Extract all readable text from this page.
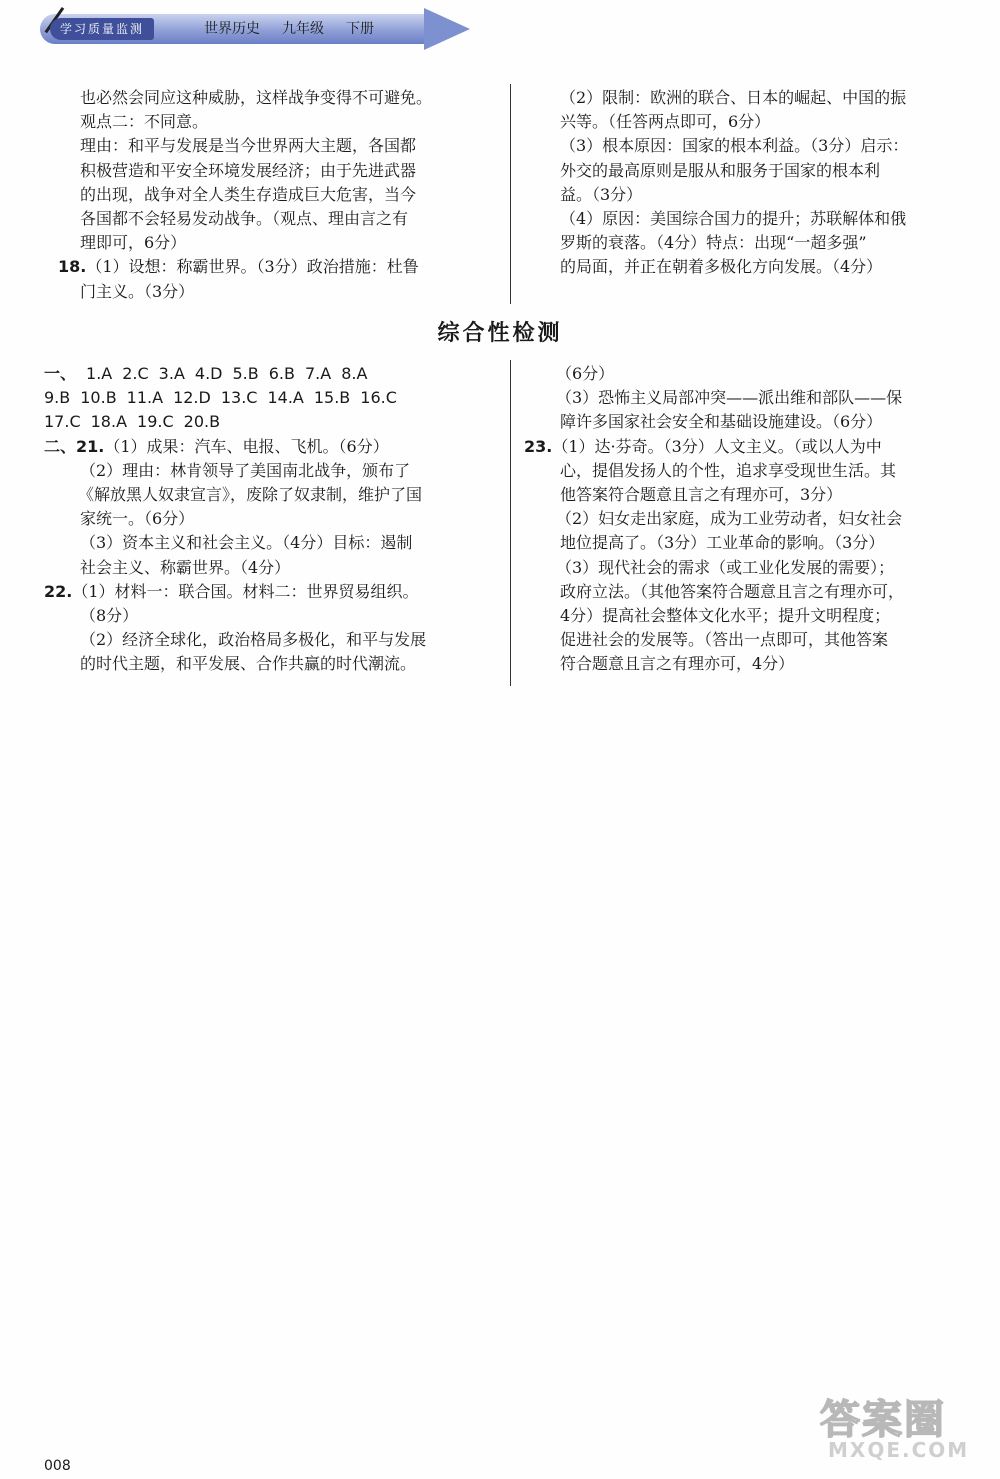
学习质量监测	世界历史 九年级 下册

也必然会同应这种威胁，这样战争变得不可避免。

观点二：不同意。

理由：和平与发展是当今世界两大主题，各国都

积极营造和平安全环境发展经济；由于先进武器

的出现，战争对全人类生存造成巨大危害，当今

各国都不会轻易发动战争。（观点、理由言之有

理即可，6分）

18.（1）设想：称霸世界。（3分）政治措施：杜鲁

门主义。（3分）

（2）限制：欧洲的联合、日本的崛起、中国的振

兴等。（任答两点即可，6分）

（3）根本原因：国家的根本利益。（3分）启示：

外交的最高原则是服从和服务于国家的根本利

益。（3分）

（4）原因：美国综合国力的提升；苏联解体和俄

罗斯的衰落。（4分）特点：出现“一超多强”

的局面，并正在朝着多极化方向发展。（4分）

综合性检测

一、 1.A 2.C 3.A 4.D 5.B 6.B 7.A 8.A

9.B 10.B 11.A 12.D 13.C 14.A 15.B 16.C

17.C 18.A 19.C 20.B

二、21.（1）成果：汽车、电报、飞机。（6分）

（2）理由：林肯领导了美国南北战争，颁布了

《解放黑人奴隶宣言》，废除了奴隶制，维护了国

家统一。（6分）

（3）资本主义和社会主义。（4分）目标：遏制

社会主义、称霸世界。（4分）

22.（1）材料一：联合国。材料二：世界贸易组织。

（8分）

（2）经济全球化，政治格局多极化，和平与发展

的时代主题，和平发展、合作共赢的时代潮流。

（6分）

（3）恐怖主义局部冲突——派出维和部队——保

障许多国家社会安全和基础设施建设。（6分）

23.（1）达·芬奇。（3分）人文主义。（或以人为中

心，提倡发扬人的个性，追求享受现世生活。其

他答案符合题意且言之有理亦可，3分）

（2）妇女走出家庭，成为工业劳动者，妇女社会

地位提高了。（3分）工业革命的影响。（3分）

（3）现代社会的需求（或工业化发展的需要）；

政府立法。（其他答案符合题意且言之有理亦可，

4分）提高社会整体文化水平；提升文明程度；

促进社会的发展等。（答出一点即可，其他答案

符合题意且言之有理亦可，4分）

008
答案圈
MXQE.COM
